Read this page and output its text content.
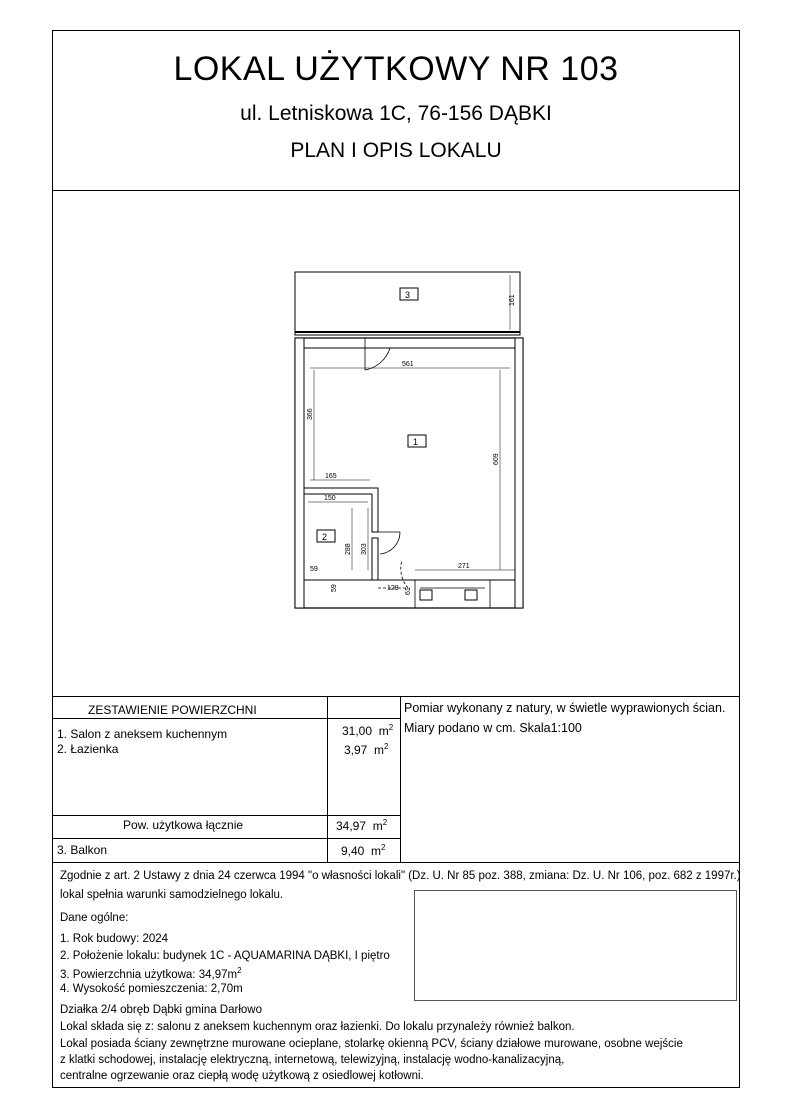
LOKAL UŻYTKOWY NR 103
ul. Letniskowa 1C, 76-156 DĄBKI
PLAN I OPIS LOKALU
3
1
2
161
561
366
609
165
150
303
288
271
129
59
59	61
ZESTAWIENIE POWIERZCHNI
1. Salon z aneksem kuchennym	31,00 $m^2$
2. Łazienka	3,97 $m^2$
Pow. użytkowa łącznie	34,97 $m^2$
3. Balkon	9,40 $m^2$
Pomiar wykonany z natury, w świetle wyprawionych ścian.
Miary podano w cm. Skala1:100
Zgodnie z art. 2 Ustawy z dnia 24 czerwca 1994 "o własności lokali" (Dz. U. Nr 85 poz. 388, zmiana: Dz. U. Nr 106, poz. 682 z 1997r.)
lokal spełnia warunki samodzielnego lokalu.
Dane ogólne:
1. Rok budowy: 2024
2. Położenie lokalu: budynek 1C - AQUAMARINA DĄBKI, I piętro
3. Powierzchnia użytkowa: $34,97m^2$
4. Wysokość pomieszczenia: 2,70m
Działka 2/4 obręb Dąbki gmina Darłowo
Lokal składa się z: salonu z aneksem kuchennym oraz łazienki. Do lokalu przynależy również balkon.
Lokal posiada ściany zewnętrzne murowane ocieplane, stolarkę okienną PCV, ściany działowe murowane, osobne wejście
z klatki schodowej, instalację elektryczną, internetową, telewizyjną, instalację wodno-kanalizacyjną,
centralne ogrzewanie oraz ciepłą wodę użytkową z osiedlowej kotłowni.
